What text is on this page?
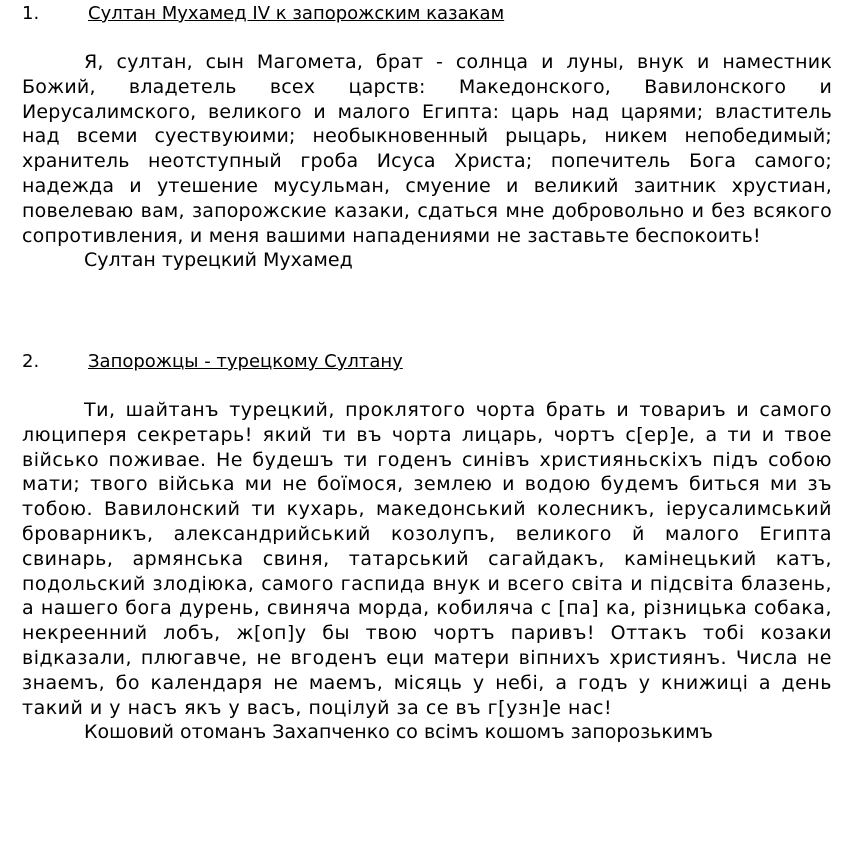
1.	Султан Мухамед IV к запорожским казакам

Я, султан, сын Магомета, брат - солнца и луны, внук и наместник Божий, владетель всех царств: Македонского, Вавилонского и Иерусалимского, великого и малого Египта: царь над царями; властитель над всеми суествуюими; необыкновенный рыцарь, никем непобедимый; хранитель неотступный гроба Исуса Христа; попечитель Бога самого; надежда и утешение мусульман, смуение и великий заитник хрустиан, повелеваю вам, запорожские казаки, сдаться мне добровольно и без всякого сопротивления, и меня вашими нападениями не заставьте беспокоить!

Султан турецкий Мухамед

2.	Запорожцы - турецкому Султану

Ти, шайтанъ турецкий, проклятого чорта брать и товариъ и самого люциперя секретарь! який ти въ чорта лицарь, чортъ с[ер]е, а ти и твое військо поживае. Не будешъ ти годенъ синівъ християньскіхъ підъ собою мати; твого війська ми не боїмося, землею и водою будемъ биться ми зъ тобою. Вавилонский ти кухарь, македонський колесникъ, іерусалимський броварникъ, александрийський козолупъ, великого й малого Египта свинарь, армянська свиня, татарський сагайдакъ, камінецький катъ, подольский злодіюка, самого гаспида внук и всего світа и підсвіта блазень, а нашего бога дурень, свиняча морда, кобиляча с [па] ка, різницька собака, некреенний лобъ, ж[оп]у бы твою чортъ паривъ! Оттакъ тобі козаки відказали, плюгавче, не вгоденъ еци матери віпнихъ християнъ. Числа не знаемъ, бо календаря не маемъ, місяць у небі, а годъ у книжиці а день такий и у насъ якъ у васъ, поцілуй за се въ г[узн]е нас!

Кошовий отоманъ Захапченко со всімъ кошомъ запорозькимъ
